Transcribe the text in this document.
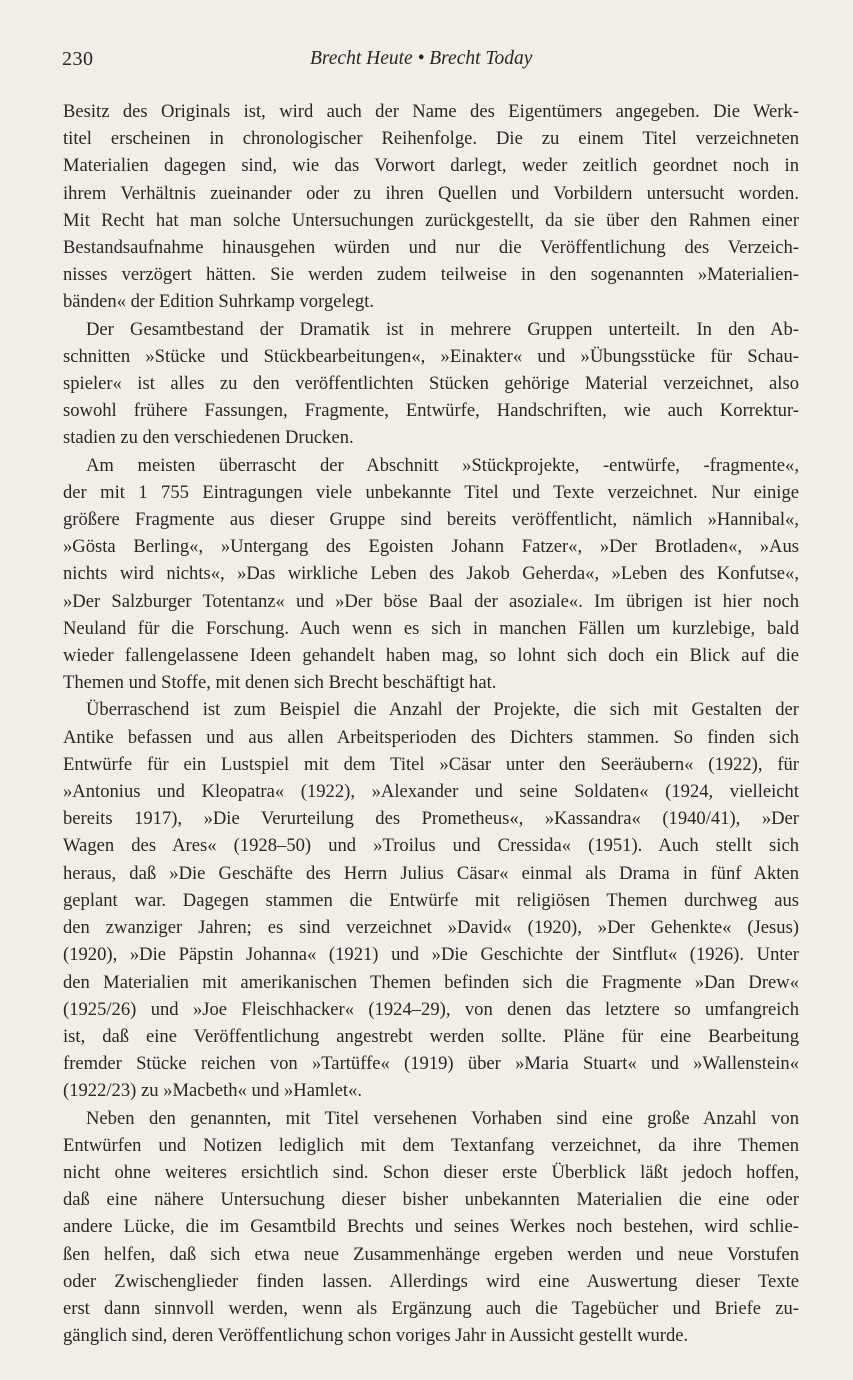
230	Brecht Heute • Brecht Today
Besitz des Originals ist, wird auch der Name des Eigentümers angegeben. Die Werk-
titel erscheinen in chronologischer Reihenfolge. Die zu einem Titel verzeichneten
Materialien dagegen sind, wie das Vorwort darlegt, weder zeitlich geordnet noch in
ihrem Verhältnis zueinander oder zu ihren Quellen und Vorbildern untersucht worden.
Mit Recht hat man solche Untersuchungen zurückgestellt, da sie über den Rahmen einer
Bestandsaufnahme hinausgehen würden und nur die Veröffentlichung des Verzeich-
nisses verzögert hätten. Sie werden zudem teilweise in den sogenannten »Materialien-
bänden« der Edition Suhrkamp vorgelegt.
Der Gesamtbestand der Dramatik ist in mehrere Gruppen unterteilt. In den Ab-
schnitten »Stücke und Stückbearbeitungen«, »Einakter« und »Übungsstücke für Schau-
spieler« ist alles zu den veröffentlichten Stücken gehörige Material verzeichnet, also
sowohl frühere Fassungen, Fragmente, Entwürfe, Handschriften, wie auch Korrektur-
stadien zu den verschiedenen Drucken.
Am meisten überrascht der Abschnitt »Stückprojekte, -entwürfe, -fragmente«,
der mit 1 755 Eintragungen viele unbekannte Titel und Texte verzeichnet. Nur einige
größere Fragmente aus dieser Gruppe sind bereits veröffentlicht, nämlich »Hannibal«,
»Gösta Berling«, »Untergang des Egoisten Johann Fatzer«, »Der Brotladen«, »Aus
nichts wird nichts«, »Das wirkliche Leben des Jakob Geherda«, »Leben des Konfutse«,
»Der Salzburger Totentanz« und »Der böse Baal der asoziale«. Im übrigen ist hier noch
Neuland für die Forschung. Auch wenn es sich in manchen Fällen um kurzlebige, bald
wieder fallengelassene Ideen gehandelt haben mag, so lohnt sich doch ein Blick auf die
Themen und Stoffe, mit denen sich Brecht beschäftigt hat.
Überraschend ist zum Beispiel die Anzahl der Projekte, die sich mit Gestalten der
Antike befassen und aus allen Arbeitsperioden des Dichters stammen. So finden sich
Entwürfe für ein Lustspiel mit dem Titel »Cäsar unter den Seeräubern« (1922), für
»Antonius und Kleopatra« (1922), »Alexander und seine Soldaten« (1924, vielleicht
bereits 1917), »Die Verurteilung des Prometheus«, »Kassandra« (1940/41), »Der
Wagen des Ares« (1928–50) und »Troilus und Cressida« (1951). Auch stellt sich
heraus, daß »Die Geschäfte des Herrn Julius Cäsar« einmal als Drama in fünf Akten
geplant war. Dagegen stammen die Entwürfe mit religiösen Themen durchweg aus
den zwanziger Jahren; es sind verzeichnet »David« (1920), »Der Gehenkte« (Jesus)
(1920), »Die Päpstin Johanna« (1921) und »Die Geschichte der Sintflut« (1926). Unter
den Materialien mit amerikanischen Themen befinden sich die Fragmente »Dan Drew«
(1925/26) und »Joe Fleischhacker« (1924–29), von denen das letztere so umfangreich
ist, daß eine Veröffentlichung angestrebt werden sollte. Pläne für eine Bearbeitung
fremder Stücke reichen von »Tartüffe« (1919) über »Maria Stuart« und »Wallenstein«
(1922/23) zu »Macbeth« und »Hamlet«.
Neben den genannten, mit Titel versehenen Vorhaben sind eine große Anzahl von
Entwürfen und Notizen lediglich mit dem Textanfang verzeichnet, da ihre Themen
nicht ohne weiteres ersichtlich sind. Schon dieser erste Überblick läßt jedoch hoffen,
daß eine nähere Untersuchung dieser bisher unbekannten Materialien die eine oder
andere Lücke, die im Gesamtbild Brechts und seines Werkes noch bestehen, wird schlie-
ßen helfen, daß sich etwa neue Zusammenhänge ergeben werden und neue Vorstufen
oder Zwischenglieder finden lassen. Allerdings wird eine Auswertung dieser Texte
erst dann sinnvoll werden, wenn als Ergänzung auch die Tagebücher und Briefe zu-
gänglich sind, deren Veröffentlichung schon voriges Jahr in Aussicht gestellt wurde.
